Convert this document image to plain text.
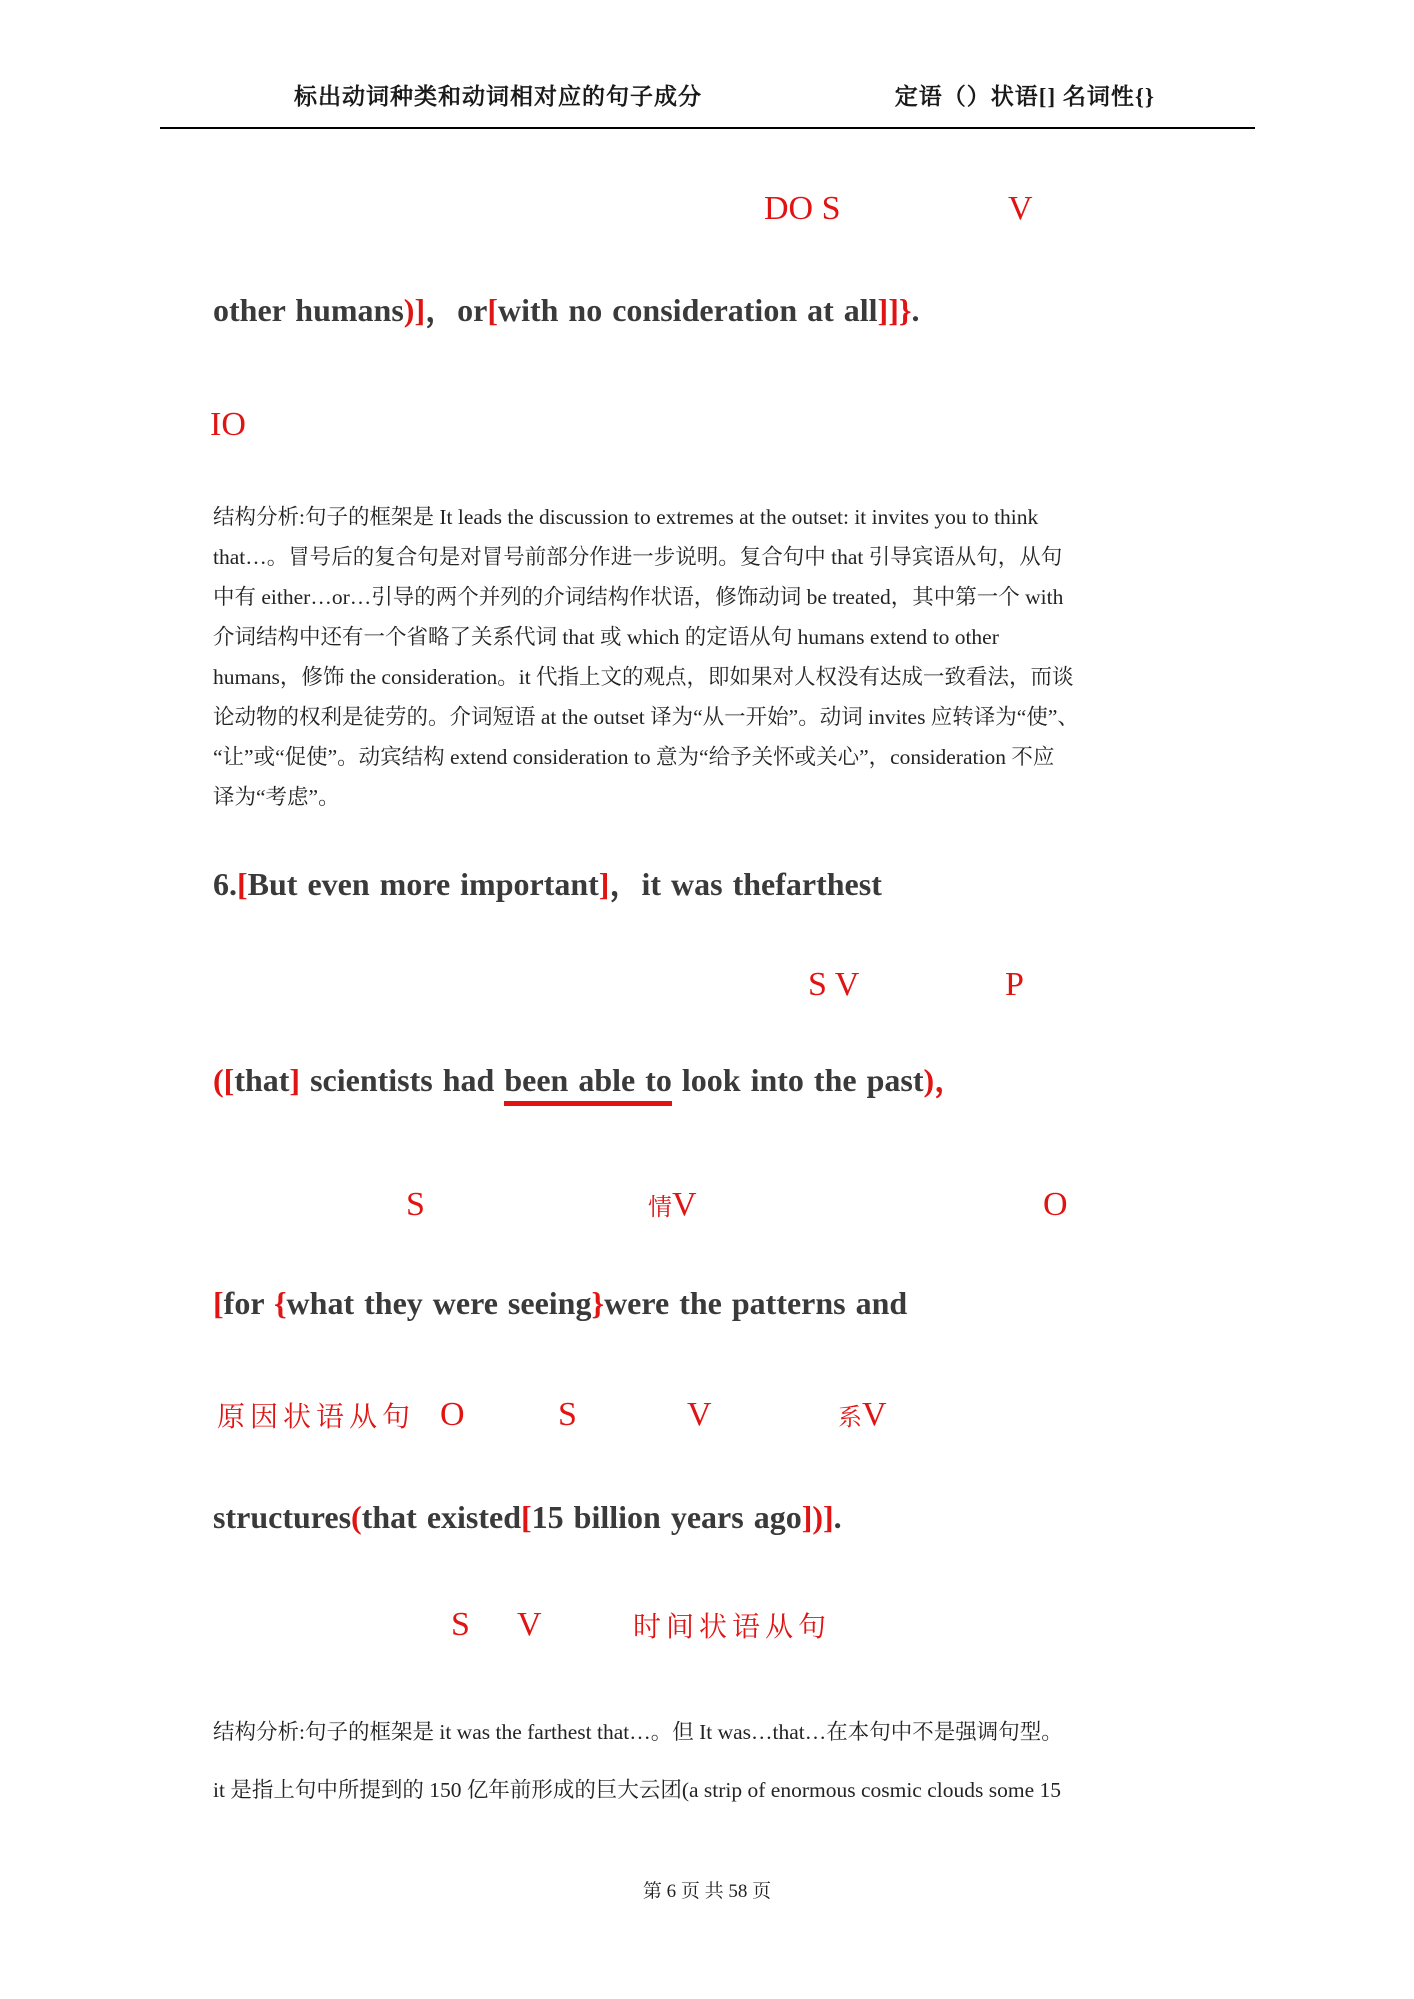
标出动词种类和动词相对应的句子成分	定语（）状语[] 名词性{}
DO S	V
other humans)]，or[with no consideration at all]]}.
IO
结构分析:句子的框架是 It leads the discussion to extremes at the outset: it invites you to think
that…。冒号后的复合句是对冒号前部分作进一步说明。复合句中 that 引导宾语从句，从句
中有 either…or…引导的两个并列的介词结构作状语，修饰动词 be treated，其中第一个 with
介词结构中还有一个省略了关系代词 that 或 which 的定语从句 humans extend to other
humans，修饰 the consideration。it 代指上文的观点，即如果对人权没有达成一致看法，而谈
论动物的权利是徒劳的。介词短语 at the outset 译为“从一开始”。动词 invites 应转译为“使”、
“让”或“促使”。动宾结构 extend consideration to 意为“给予关怀或关心”，consideration 不应
译为“考虑”。
6.[But even more important]，it was thefarthest
S V	P
([that] scientists had been able to look into the past)，
S	情V	O
[for {what they were seeing}were the patterns and
原因状语从句 O	S	V	系V
structures(that existed[15 billion years ago])].
S V	时间状语从句
结构分析:句子的框架是 it was the farthest that…。但 It was…that…在本句中不是强调句型。
it 是指上句中所提到的 150 亿年前形成的巨大云团(a strip of enormous cosmic clouds some 15
第 6 页 共 58 页
